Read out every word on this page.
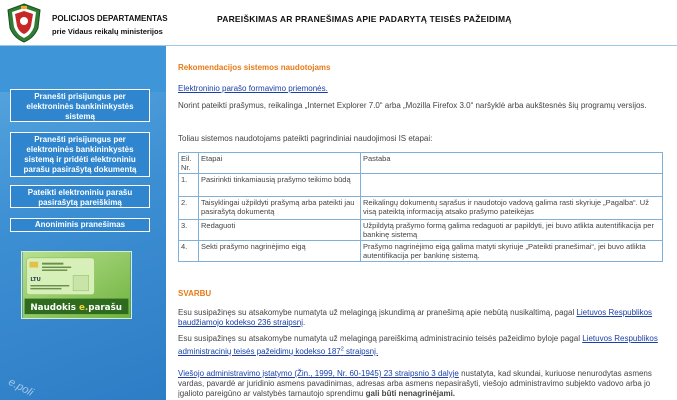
POLICIJOS DEPARTAMENTAS
prie Vidaus reikalų ministerijos
PAREIŠKIMAS AR PRANEŠIMAS APIE PADARYTĄ TEISĖS PAŽEIDIMĄ
Pranešti prisijungus per elektroninės bankininkystės sistemą
Pranešti prisijungus per elektroninės bankininkystės sistemą ir pridėti elektroniniu parašu pasirašytą dokumentą
Pateikti elektroniniu parašu pasirašytą pareiškimą
Anoniminis pranešimas
LTU
Naudokis e.parašu
e.poli
Rekomendacijos sistemos naudotojams
Elektroninio parašo formavimo priemonės.
Norint pateikti prašymus, reikalinga „Internet Explorer 7.0“ arba „Mozilla Firefox 3.0“ naršyklė arba aukštesnės šių programų versijos.
Toliau sistemos naudotojams pateikti pagrindiniai naudojimosi IS etapai:
Eil. Nr.	Etapai	Pastaba
1.	Pasirinkti tinkamiausią prašymo teikimo būdą	
2.	Taisyklingai užpildyti prašymą arba pateikti jau pasirašytą dokumentą	Reikalingų dokumentų sąrašus ir naudotojo vadovą galima rasti skyriuje „Pagalba“. Už visą pateiktą informaciją atsako prašymo pateikėjas
3.	Redaguoti	Užpildytą prašymo formą galima redaguoti ar papildyti, jei buvo atlikta autentifikacija per bankinę sistemą
4.	Sekti prašymo nagrinėjimo eigą	Prašymo nagrinėjimo eigą galima matyti skyriuje „Pateikti pranešimai“, jei buvo atlikta autentifikacija per bankinę sistemą.
SVARBU
Esu susipažinęs su atsakomybe numatyta už melagingą įskundimą ar pranešimą apie nebūtą nusikaltimą, pagal Lietuvos Respublikos baudžiamojo kodekso 236 straipsnį.
Esu susipažinęs su atsakomybe numatyta už melagingą pareiškimą administracinio teisės pažeidimo byloje pagal Lietuvos Respublikos administracinių teisės pažeidimų kodekso $187^2$ straipsnį.
Viešojo administravimo įstatymo (Žin., 1999, Nr. 60-1945) 23 straipsnio 3 dalyje nustatyta, kad skundai, kuriuose nenurodytas asmens vardas, pavardė ar juridinio asmens pavadinimas, adresas arba asmens nepasirašyti, viešojo administravimo subjekto vadovo arba jo įgalioto pareigūno ar valstybės tarnautojo sprendimu gali būti nenagrinėjami.
